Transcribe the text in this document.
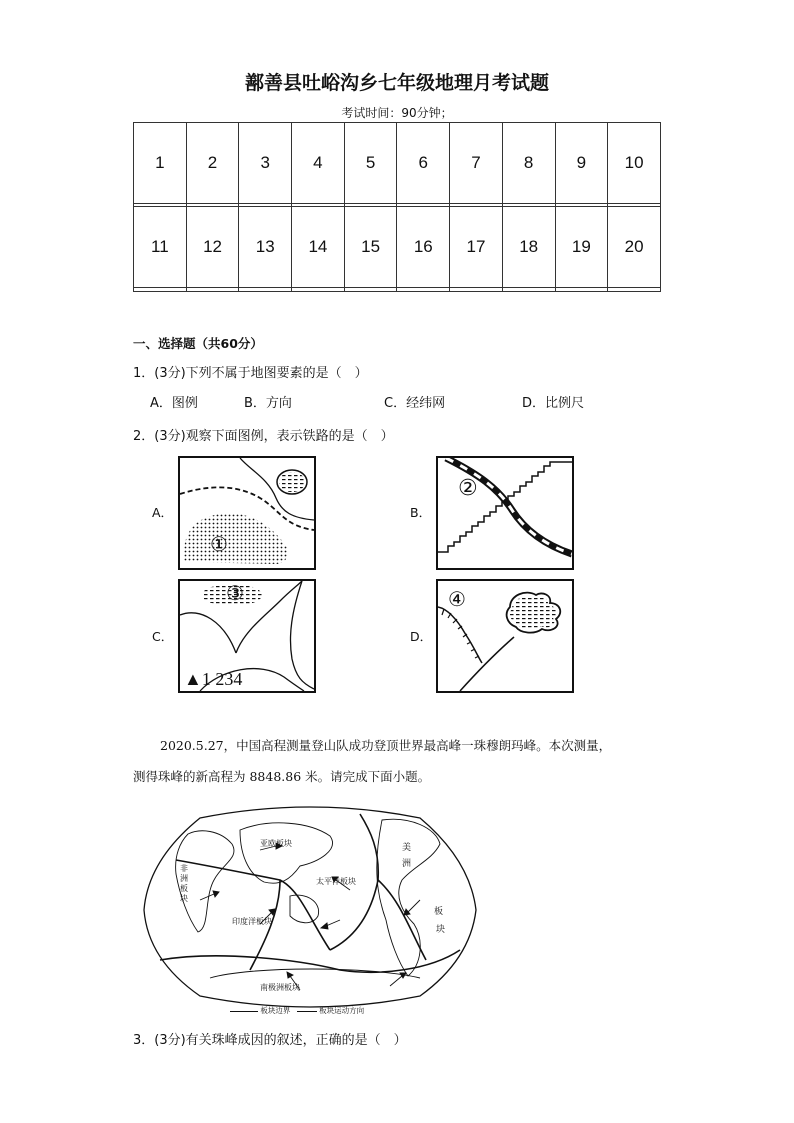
鄯善县吐峪沟乡七年级地理月考试题
考试时间：90分钟；
1	2	3	4	5	6	7	8	9	10

11	12	13	14	15	16	17	18	19	20

一、选择题（共60分）
1．(3分)下列不属于地图要素的是（　）
A．图例	B．方向	C．经纬网	D．比例尺
2．(3分)观察下面图例，表示铁路的是（　）
A．	B．
C．	D．
①
②
③
▲1 234
④
2020.5.27，中国高程测量登山队成功登顶世界最高峰一珠穆朗玛峰。本次测量，
测得珠峰的新高程为 8848.86 米。请完成下面小题。
亚欧板块
非洲板块
太平洋板块
印度洋板块
南极洲板块
美
洲
板
块
板块边界	板块运动方向
3．(3分)有关珠峰成因的叙述，正确的是（　）
